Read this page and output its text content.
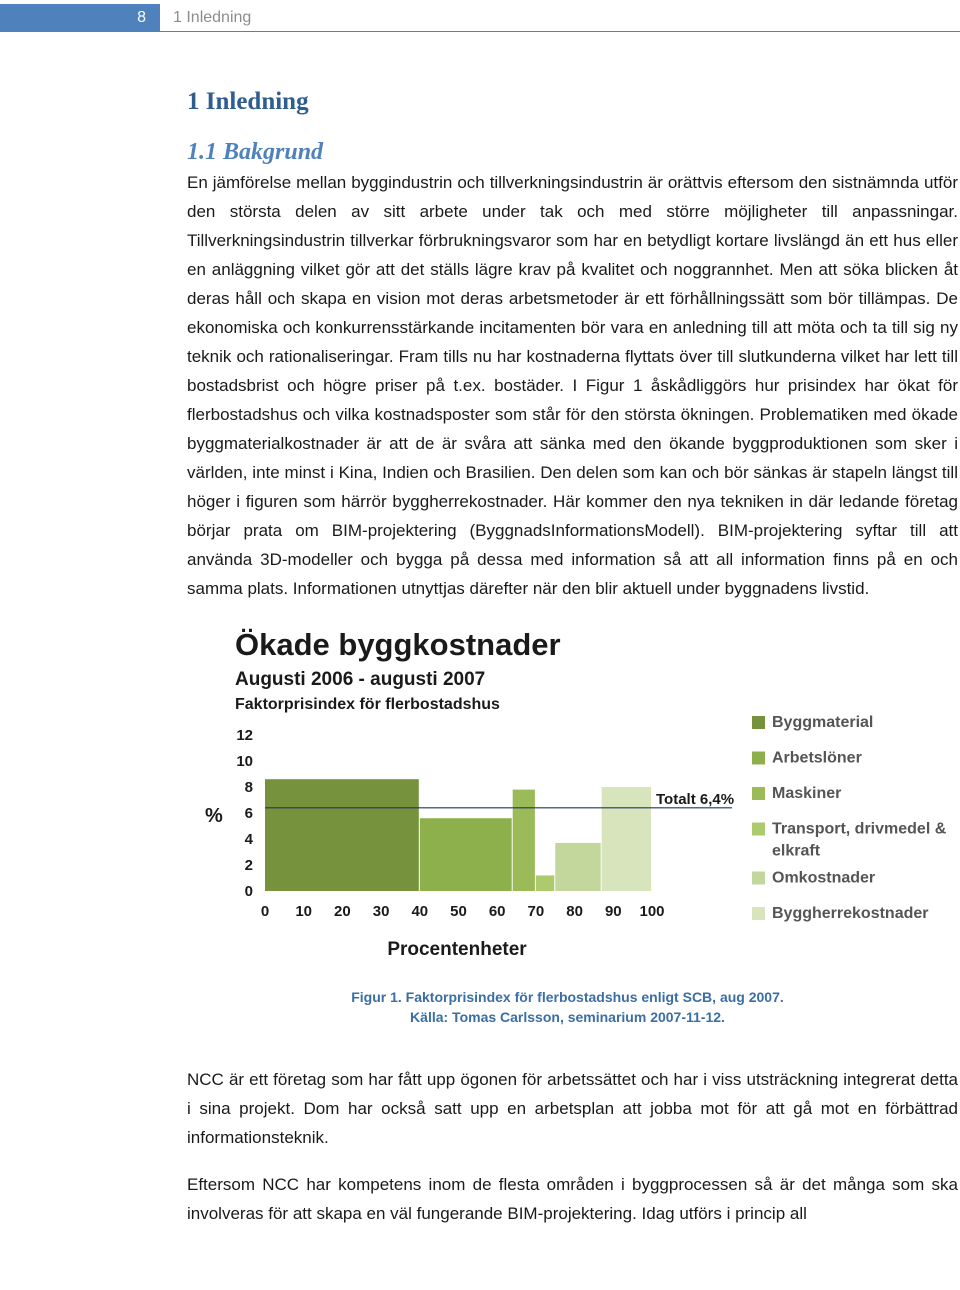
8	1 Inledning
1 Inledning
1.1 Bakgrund

En jämförelse mellan byggindustrin och tillverkningsindustrin är orättvis eftersom den sistnämnda utför den största delen av sitt arbete under tak och med större möjligheter till anpassningar. Tillverkningsindustrin tillverkar förbrukningsvaror som har en betydligt kortare livslängd än ett hus eller en anläggning vilket gör att det ställs lägre krav på kvalitet och noggrannhet. Men att söka blicken åt deras håll och skapa en vision mot deras arbetsmetoder är ett förhållningssätt som bör tillämpas. De ekonomiska och konkurrensstärkande incitamenten bör vara en anledning till att möta och ta till sig ny teknik och rationaliseringar. Fram tills nu har kostnaderna flyttats över till slutkunderna vilket har lett till bostadsbrist och högre priser på t.ex. bostäder. I Figur 1 åskådliggörs hur prisindex har ökat för flerbostadshus och vilka kostnadsposter som står för den största ökningen. Problematiken med ökade byggmaterialkostnader är att de är svåra att sänka med den ökande byggproduktionen som sker i världen, inte minst i Kina, Indien och Brasilien. Den delen som kan och bör sänkas är stapeln längst till höger i figuren som härrör byggherrekostnader. Här kommer den nya tekniken in där ledande företag börjar prata om BIM-projektering (ByggnadsInformationsModell). BIM-projektering syftar till att använda 3D-modeller och bygga på dessa med information så att all information finns på en och samma plats. Informationen utnyttjas därefter när den blir aktuell under byggnadens livstid.

Ökade byggkostnader
Augusti 2006 - augusti 2007
Faktorprisindex för flerbostadshus
0
2
4
6
8
10
12
0 10 20 30 40 50 60 70 80 90 100
Byggmaterial
Arbetslöner
Maskiner
Transport, drivmedel &
elkraft
Omkostnader
Byggherrekostnader
Totalt 6,4%
%
Procentenheter
Figur 1. Faktorprisindex för flerbostadshus enligt SCB, aug 2007.
Källa: Tomas Carlsson, seminarium 2007-11-12.

NCC är ett företag som har fått upp ögonen för arbetssättet och har i viss utsträckning integrerat detta i sina projekt. Dom har också satt upp en arbetsplan att jobba mot för att gå mot en förbättrad informationsteknik.

Eftersom NCC har kompetens inom de flesta områden i byggprocessen så är det många som ska involveras för att skapa en väl fungerande BIM-projektering. Idag utförs i princip all
